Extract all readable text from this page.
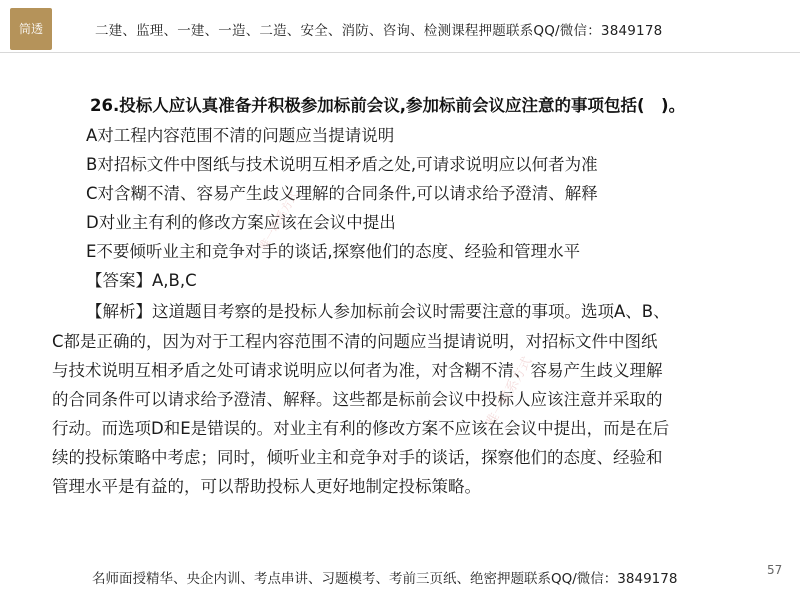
筒透	二建、监理、一建、一造、二造、安全、消防、咨询、检测课程押题联系QQ/微信：3849178
26.投标人应认真准备并积极参加标前会议,参加标前会议应注意的事项包括(　)。
A对工程内容范围不清的问题应当提请说明
B对招标文件中图纸与技术说明互相矛盾之处,可请求说明应以何者为准
C对含糊不清、容易产生歧义理解的合同条件,可以请求给予澄清、解释
D对业主有利的修改方案应该在会议中提出
E不要倾听业主和竞争对手的谈话,探察他们的态度、经验和管理水平
【答案】A,B,C
【解析】这道题目考察的是投标人参加标前会议时需要注意的事项。选项A、B、
C都是正确的，因为对于工程内容范围不清的问题应当提请说明，对招标文件中图纸
与技术说明互相矛盾之处可请求说明应以何者为准，对含糊不清、容易产生歧义理解
的合同条件可以请求给予澄清、解释。这些都是标前会议中投标人应该注意并采取的
行动。而选项D和E是错误的。对业主有利的修改方案不应该在会议中提出，而是在后
续的投标策略中考虑；同时，倾听业主和竞争对手的谈话，探察他们的态度、经验和
管理水平是有益的，可以帮助投标人更好地制定投标策略。
唯一联系方式
唯一联系方式
名师面授精华、央企内训、考点串讲、习题模考、考前三页纸、绝密押题联系QQ/微信：3849178
57
